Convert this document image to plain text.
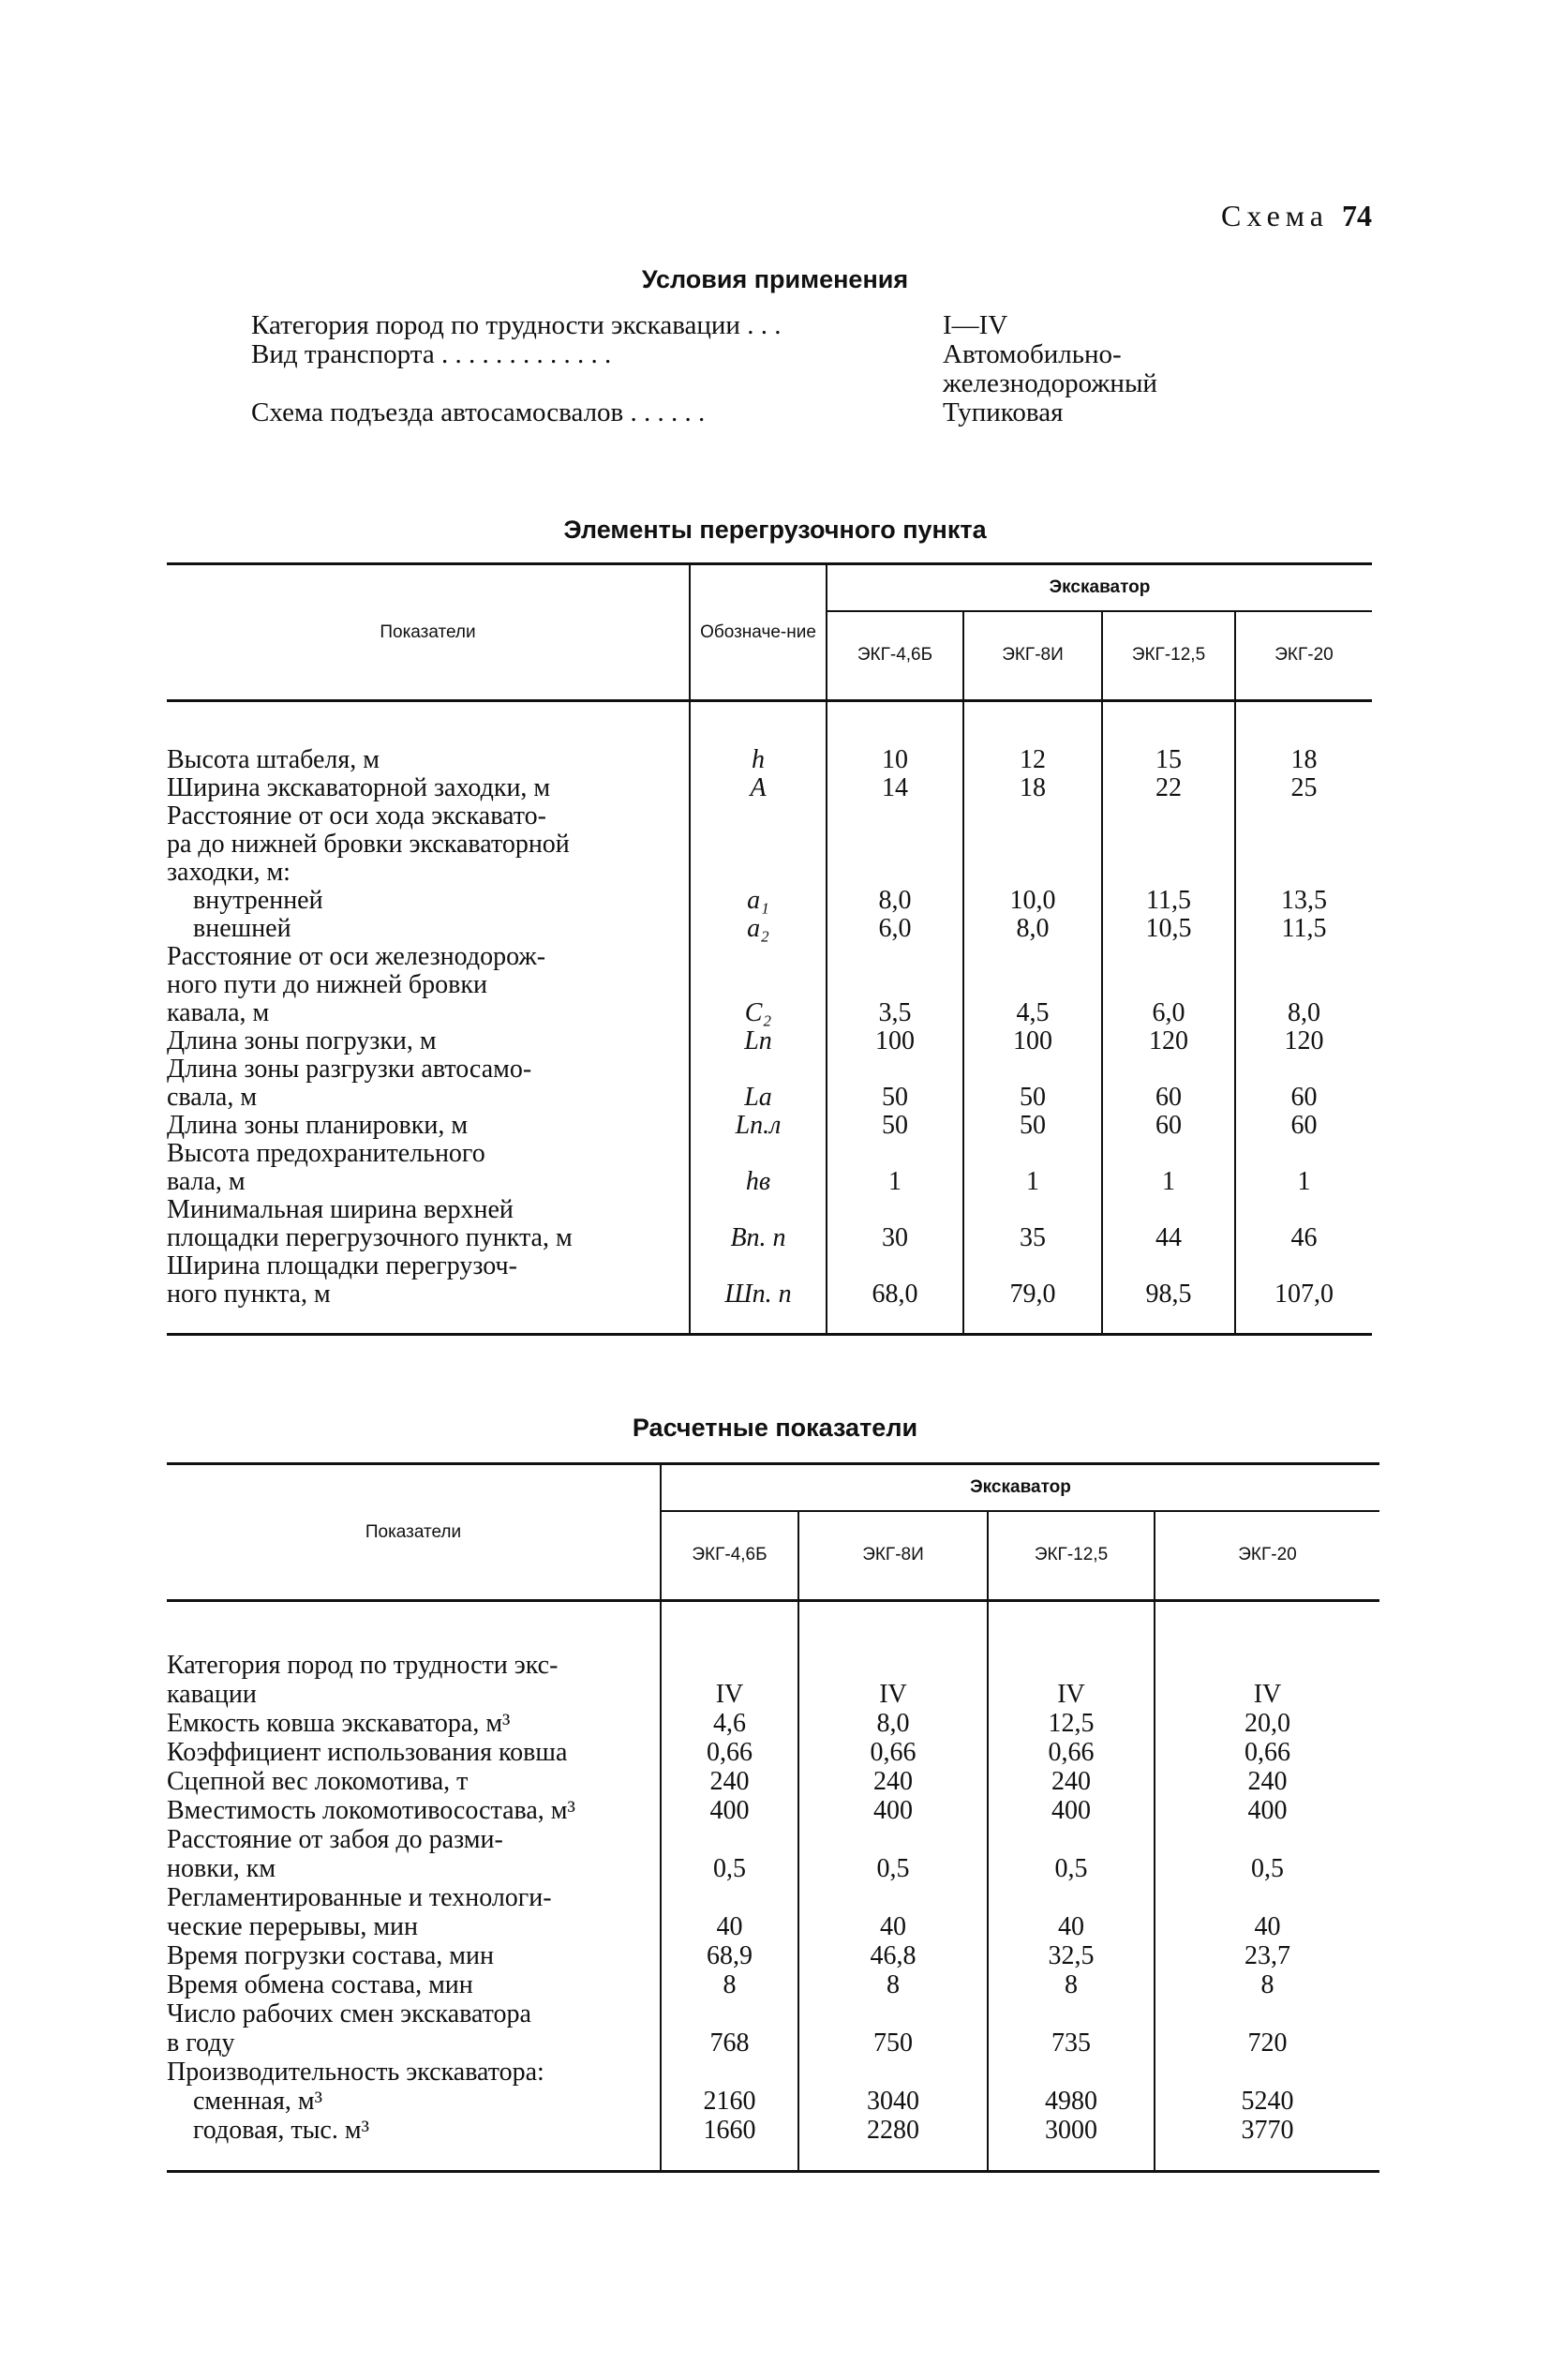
Схема 74
Условия применения
Категория пород по трудности экскавации . . .	I—IV
Вид транспорта . . . . . . . . . . . . .	Автомобильно-
железнодорожный
Схема подъезда автосамосвалов . . . . . .	Тупиковая
Элементы перегрузочного пункта
Показатели	Обозначе-ние	Экскаватор			
		ЭКГ-4,6Б	ЭКГ-8И	ЭКГ-12,5	ЭКГ-20

Высота штабеля, м	h	10	12	15	18

Ширина экскаваторной заходки, м	А	14	18	22	25

Расстояние от оси хода экскавато-
ра до нижней бровки экскаваторной
заходки, м:					

внутренней	a₁	8,0	10,0	11,5	13,5

внешней	a₂	6,0	8,0	10,5	11,5

Расстояние от оси железнодорож-
ного пути до нижней бровки
кавала, м	C₂	3,5	4,5	6,0	8,0

Длина зоны погрузки, м	Lп	100	100	120	120

Длина зоны разгрузки автосамо-
свала, м	Lа	50	50	60	60

Длина зоны планировки, м	Lп.л	50	50	60	60

Высота предохранительного
вала, м	hв	1	1	1	1

Минимальная ширина верхней
площадки перегрузочного пункта, м	Bп. п	30	35	44	46

Ширина площадки перегрузоч-
ного пункта, м	Шп. п	68,0	79,0	98,5	107,0

Расчетные показатели
Показатели	Экскаватор			
	ЭКГ-4,6Б	ЭКГ-8И	ЭКГ-12,5	ЭКГ-20

Категория пород по трудности экс-
кавации	IV	IV	IV	IV

Емкость ковша экскаватора, м³	4,6	8,0	12,5	20,0

Коэффициент использования ковша	0,66	0,66	0,66	0,66

Сцепной вес локомотива, т	240	240	240	240

Вместимость локомотивосостава, м³	400	400	400	400

Расстояние от забоя до разми-
новки, км	0,5	0,5	0,5	0,5

Регламентированные и технологи-
ческие перерывы, мин	40	40	40	40

Время погрузки состава, мин	68,9	46,8	32,5	23,7

Время обмена состава, мин	8	8	8	8

Число рабочих смен экскаватора
в году	768	750	735	720

Производительность экскаватора:				

сменная, м³	2160	3040	4980	5240

годовая, тыс. м³	1660	2280	3000	3770
